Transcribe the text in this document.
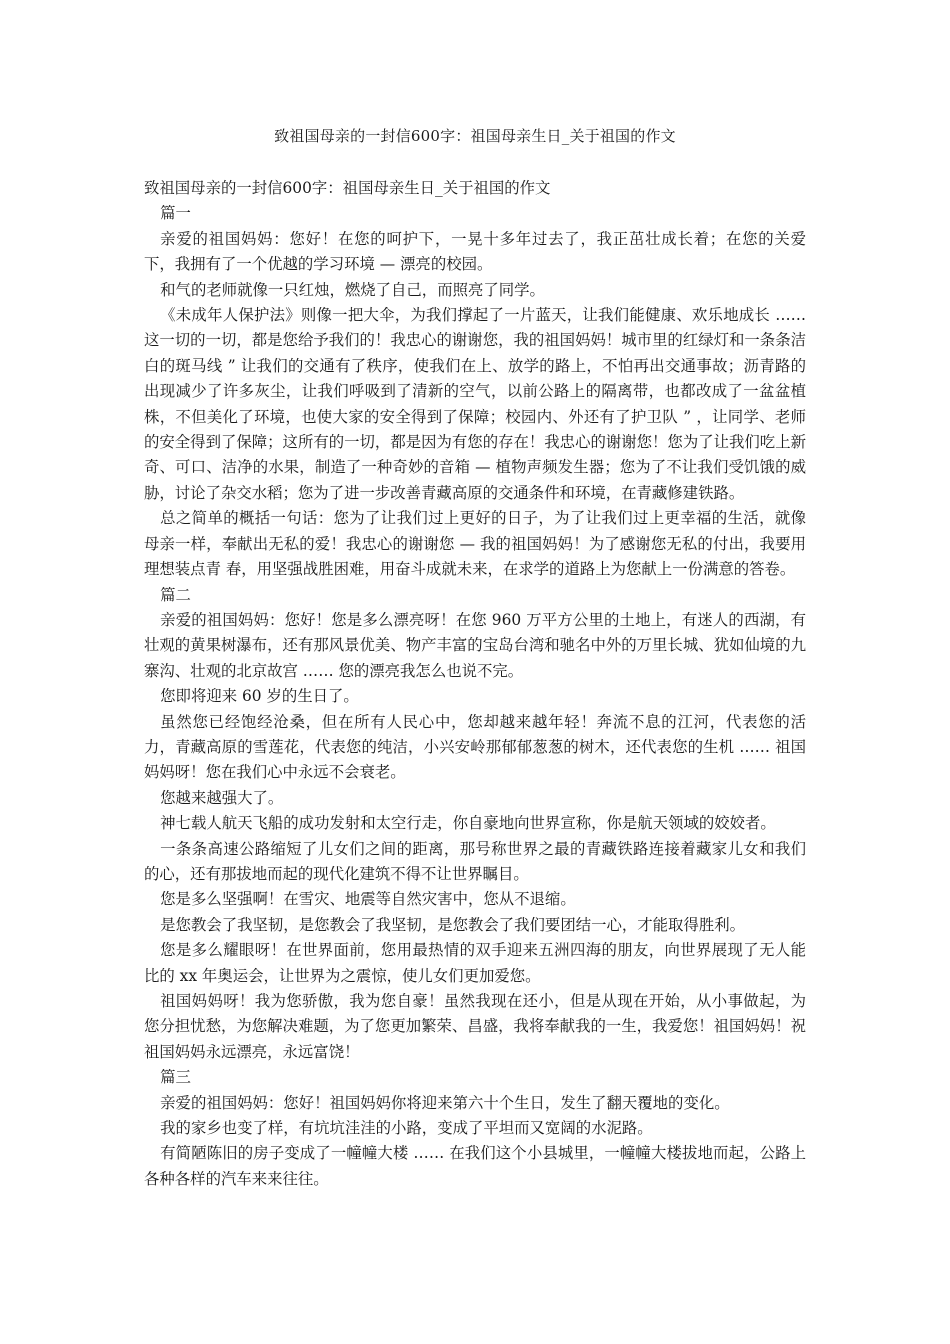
致祖国母亲的一封信600字：祖国母亲生日_关于祖国的作文

致祖国母亲的一封信600字：祖国母亲生日_关于祖国的作文

篇一

亲爱的祖国妈妈：您好！在您的呵护下，一晃十多年过去了，我正茁壮成长着；在您的关爱下，我拥有了一个优越的学习环境 — 漂亮的校园。

和气的老师就像一只红烛，燃烧了自己，而照亮了同学。

《未成年人保护法》则像一把大伞，为我们撑起了一片蓝天，让我们能健康、欢乐地成长 …… 这一切的一切，都是您给予我们的！我忠心的谢谢您，我的祖国妈妈！城市里的红绿灯和一条条洁白的斑马线 ” 让我们的交通有了秩序，使我们在上、放学的路上，不怕再出交通事故；沥青路的出现减少了许多灰尘，让我们呼吸到了清新的空气，以前公路上的隔离带，也都改成了一盆盆植株，不但美化了环境，也使大家的安全得到了保障；校园内、外还有了护卫队 ” ，让同学、老师的安全得到了保障；这所有的一切，都是因为有您的存在！我忠心的谢谢您！您为了让我们吃上新奇、可口、洁净的水果，制造了一种奇妙的音箱 — 植物声频发生器；您为了不让我们受饥饿的威胁，讨论了杂交水稻；您为了进一步改善青藏高原的交通条件和环境，在青藏修建铁路。

总之简单的概括一句话：您为了让我们过上更好的日子，为了让我们过上更幸福的生活，就像母亲一样，奉献出无私的爱！我忠心的谢谢您 — 我的祖国妈妈！为了感谢您无私的付出，我要用理想装点青 春，用坚强战胜困难，用奋斗成就未来，在求学的道路上为您献上一份满意的答卷。

篇二

亲爱的祖国妈妈：您好！您是多么漂亮呀！在您 960 万平方公里的土地上，有迷人的西湖，有壮观的黄果树瀑布，还有那风景优美、物产丰富的宝岛台湾和驰名中外的万里长城、犹如仙境的九寨沟、壮观的北京故宫 …… 您的漂亮我怎么也说不完。

您即将迎来 60 岁的生日了。

虽然您已经饱经沧桑，但在所有人民心中，您却越来越年轻！奔流不息的江河，代表您的活力，青藏高原的雪莲花，代表您的纯洁，小兴安岭那郁郁葱葱的树木，还代表您的生机 …… 祖国妈妈呀！您在我们心中永远不会衰老。

您越来越强大了。

神七载人航天飞船的成功发射和太空行走，你自豪地向世界宣称，你是航天领域的姣姣者。

一条条高速公路缩短了儿女们之间的距离，那号称世界之最的青藏铁路连接着藏家儿女和我们的心，还有那拔地而起的现代化建筑不得不让世界瞩目。

您是多么坚强啊！在雪灾、地震等自然灾害中，您从不退缩。

是您教会了我坚韧，是您教会了我坚韧，是您教会了我们要团结一心，才能取得胜利。

您是多么耀眼呀！在世界面前，您用最热情的双手迎来五洲四海的朋友，向世界展现了无人能比的 xx 年奥运会，让世界为之震惊，使儿女们更加爱您。

祖国妈妈呀！我为您骄傲，我为您自豪！虽然我现在还小，但是从现在开始，从小事做起，为您分担忧愁，为您解决难题，为了您更加繁荣、昌盛，我将奉献我的一生，我爱您！祖国妈妈！祝祖国妈妈永远漂亮，永远富饶！

篇三

亲爱的祖国妈妈：您好！祖国妈妈你将迎来第六十个生日，发生了翻天覆地的变化。

我的家乡也变了样，有坑坑洼洼的小路，变成了平坦而又宽阔的水泥路。

有简陋陈旧的房子变成了一幢幢大楼 …… 在我们这个小县城里，一幢幢大楼拔地而起，公路上各种各样的汽车来来往往。
